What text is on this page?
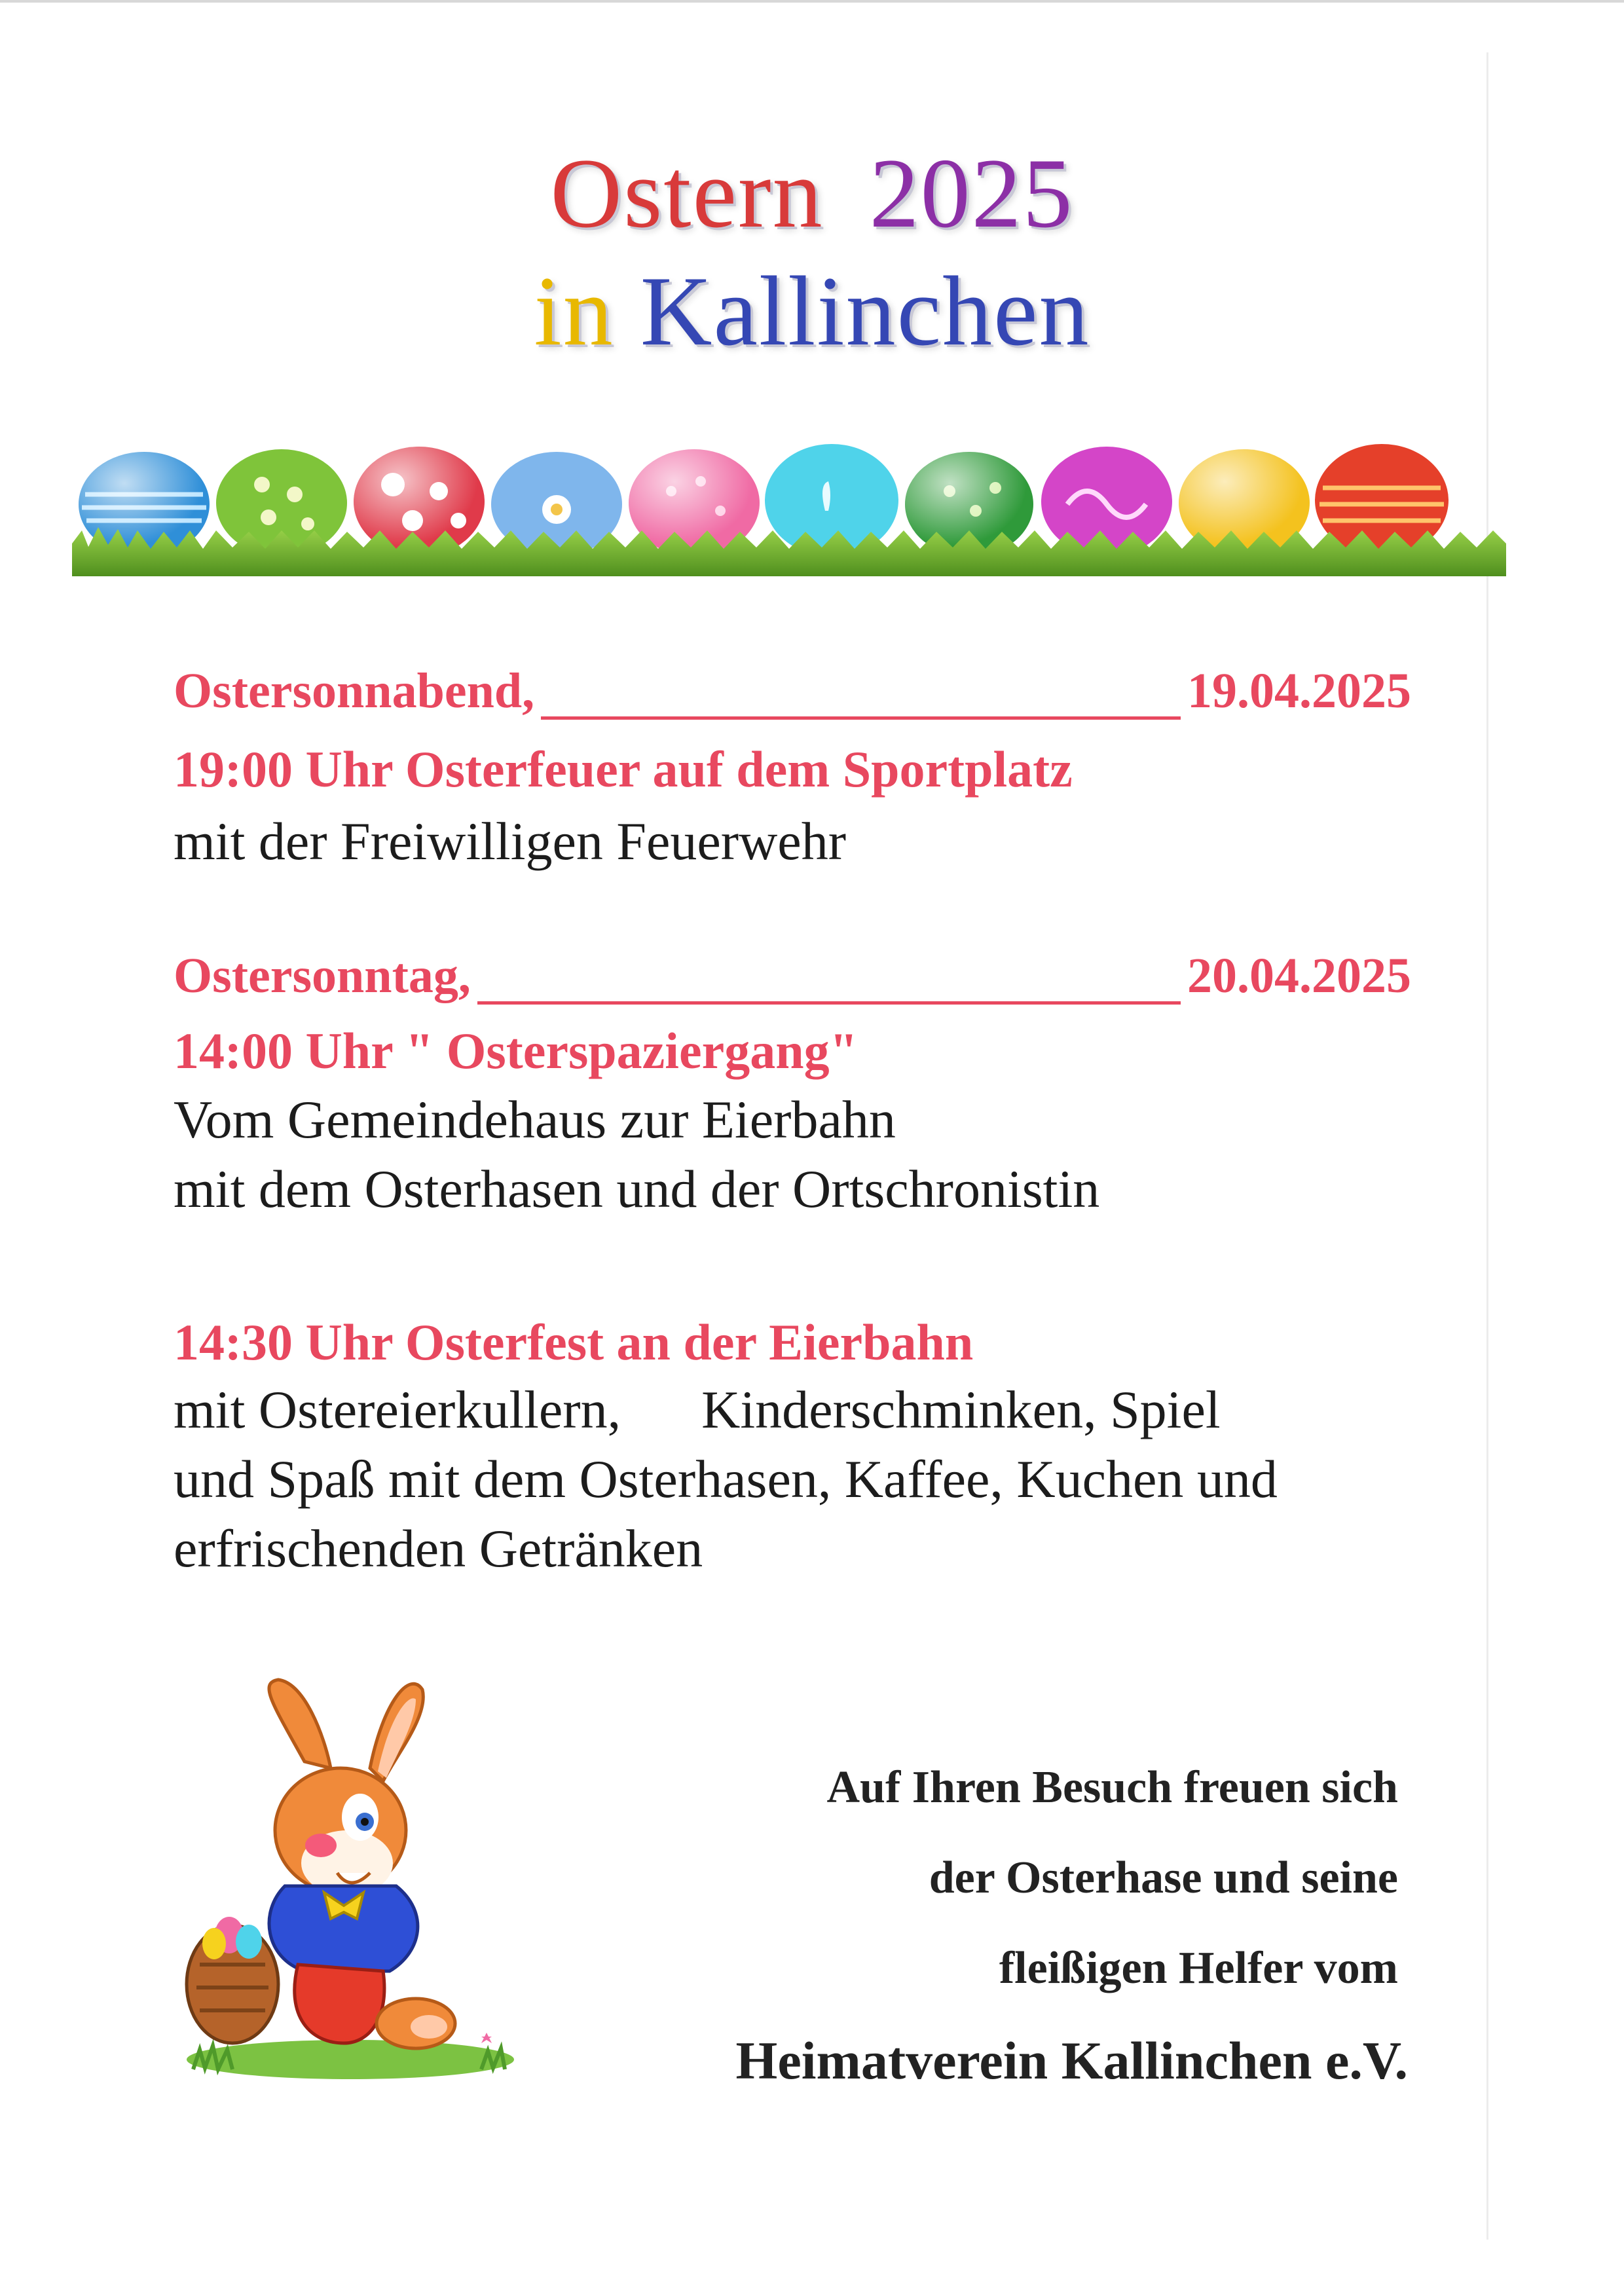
Ostern 2025
in Kallinchen
Ostersonnabend,	19.04.2025
19:00 Uhr Osterfeuer auf dem Sportplatz
mit der Freiwilligen Feuerwehr
Ostersonntag,	20.04.2025
14:00 Uhr " Osterspaziergang"
Vom Gemeindehaus zur Eierbahn
mit dem Osterhasen und der Ortschronistin
14:30 Uhr Osterfest an der Eierbahn
mit Ostereierkullern,      Kinderschminken, Spiel
und Spaß mit dem Osterhasen, Kaffee, Kuchen und
erfrischenden Getränken
Auf Ihren Besuch freuen sich
der Osterhase und seine
fleißigen Helfer vom
Heimatverein Kallinchen e.V.
